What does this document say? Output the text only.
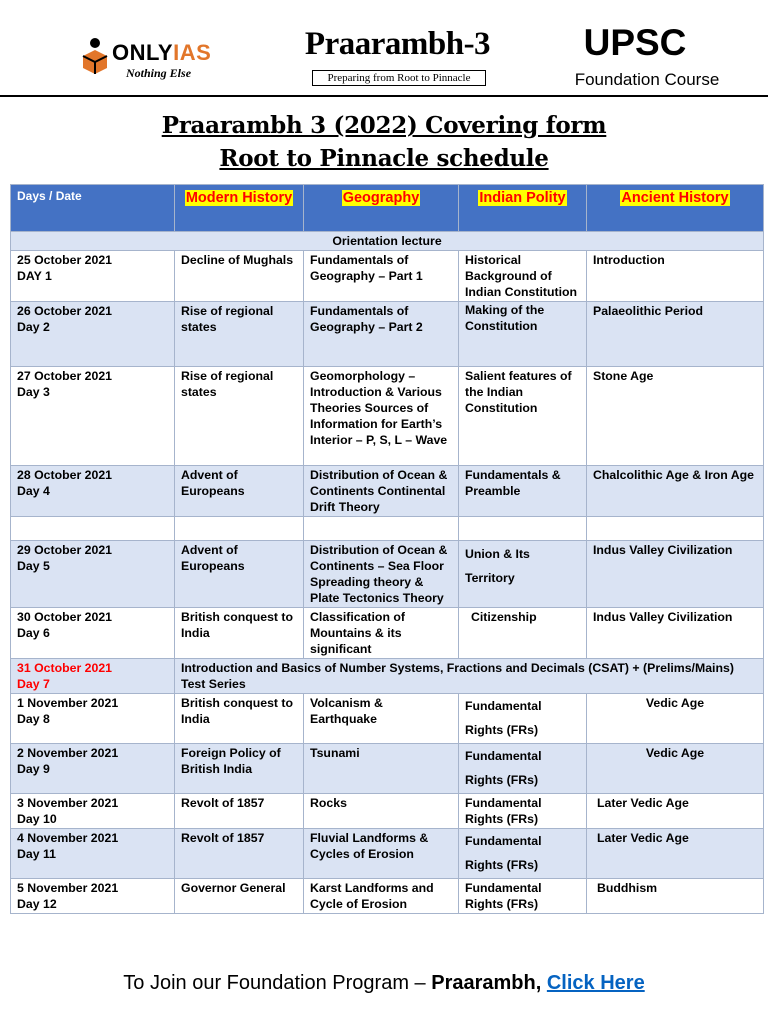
ONLYIAS
Nothing Else
Praarambh-3
Preparing from Root to Pinnacle
UPSC
Foundation Course
Praarambh 3 (2022) Covering form
Root to Pinnacle schedule
Days / Date	Modern History	Geography	Indian Polity	Ancient History
Orientation lecture				
25 October 2021
DAY 1	Decline of Mughals	Fundamentals of Geography – Part 1	Historical Background of Indian Constitution	Introduction
26 October 2021
Day 2	Rise of regional states	Fundamentals of Geography – Part 2	Making of the Constitution	Palaeolithic Period
27 October 2021
Day 3	Rise of regional states	Geomorphology – Introduction & Various Theories Sources of Information for Earth’s Interior – P, S, L – Wave	Salient features of the Indian Constitution	Stone Age
28 October 2021
Day 4	Advent of Europeans	Distribution of Ocean & Continents Continental Drift Theory	Fundamentals & Preamble	Chalcolithic Age & Iron Age

29 October 2021
Day 5	Advent of Europeans	Distribution of Ocean & Continents – Sea Floor Spreading theory & Plate Tectonics Theory	Union & Its Territory	Indus Valley Civilization
30 October 2021
Day 6	British conquest to India	Classification of Mountains & its significant	Citizenship	Indus Valley Civilization
31 October 2021
Day 7	Introduction and Basics of Number Systems, Fractions and Decimals (CSAT) + (Prelims/Mains) Test Series			
1 November 2021
Day 8	British conquest to India	Volcanism & Earthquake	Fundamental Rights (FRs)	Vedic Age
2 November 2021
Day 9	Foreign Policy of British India	Tsunami	Fundamental Rights (FRs)	Vedic Age
3 November 2021
Day 10	Revolt of 1857	Rocks	Fundamental Rights (FRs)	Later Vedic Age
4 November 2021
Day 11	Revolt of 1857	Fluvial Landforms & Cycles of Erosion	Fundamental Rights (FRs)	Later Vedic Age
5 November 2021
Day 12	Governor General	Karst Landforms and Cycle of Erosion	Fundamental Rights (FRs)	Buddhism
To Join our Foundation Program – Praarambh, Click Here
